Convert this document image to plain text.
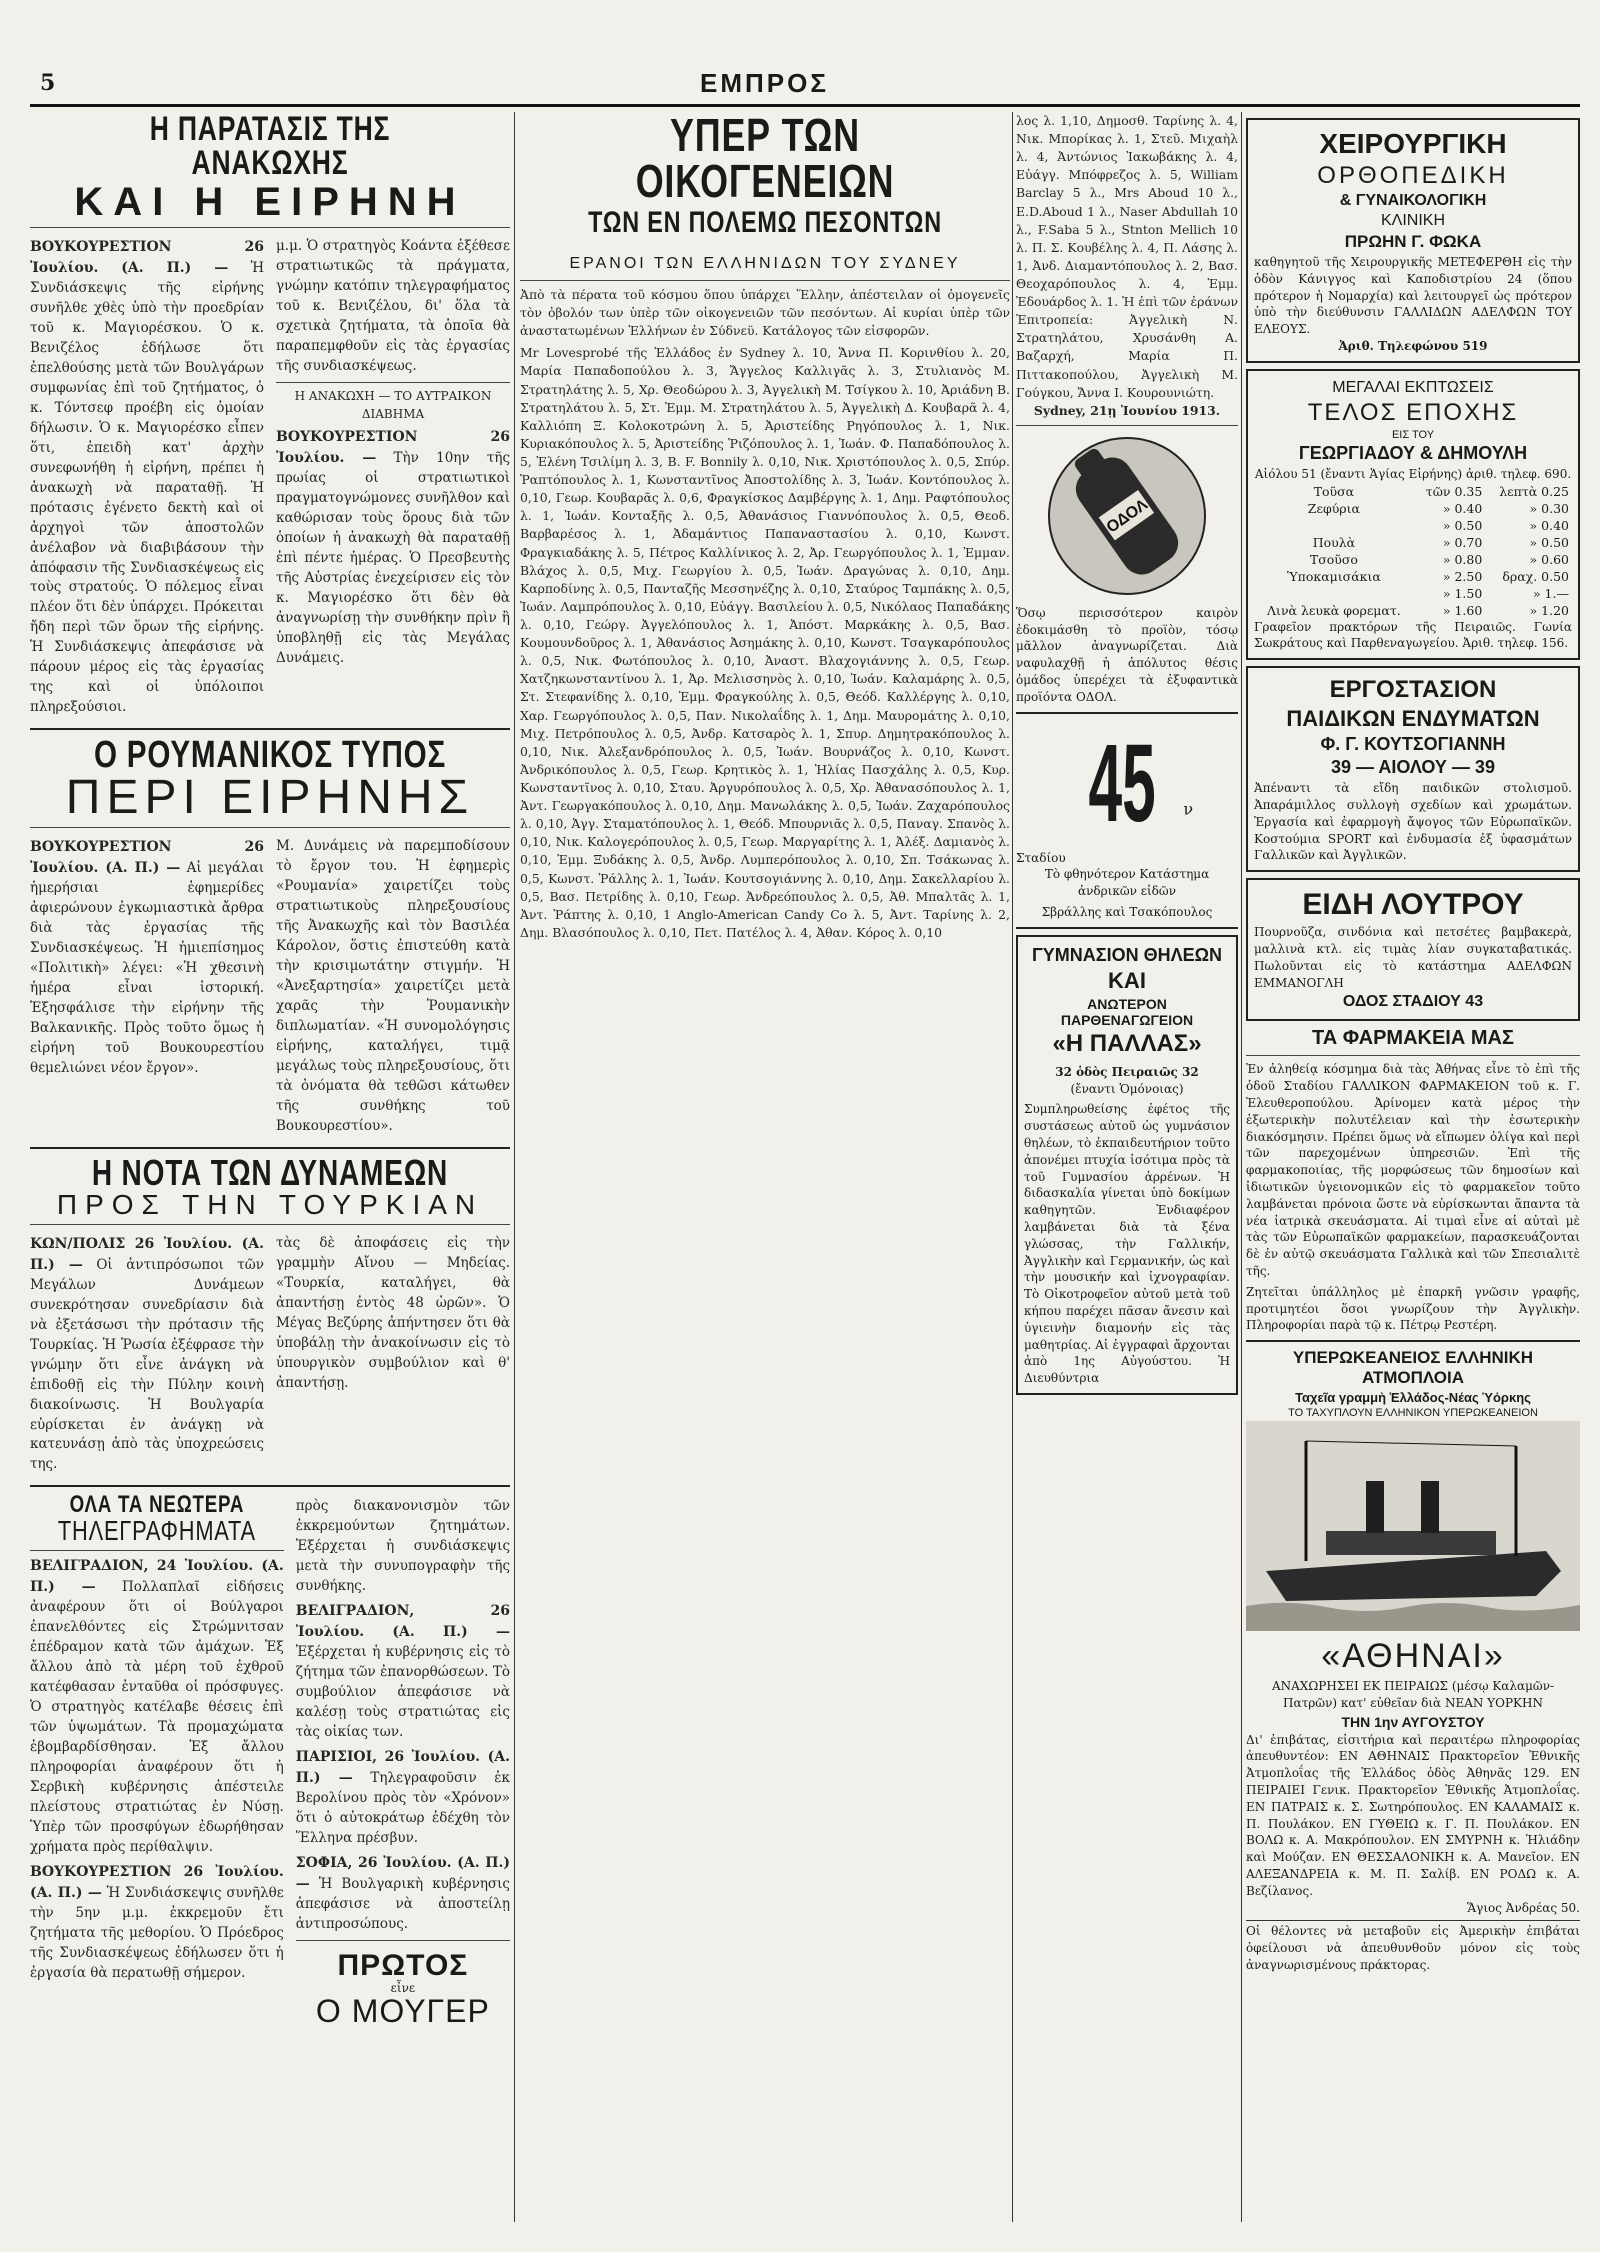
5	ΕΜΠΡΟΣ
Η ΠΑΡΑΤΑΣΙΣ ΤΗΣ ΑΝΑΚΩΧΗΣ
ΚΑΙ Η ΕΙΡΗΝΗ
ΒΟΥΚΟΥΡΕΣΤΙΟΝ 26 Ἰουλίου. (Α. Π.) — Ἡ Συνδιάσκεψις τῆς εἰρήνης συνῆλθε χθὲς ὑπὸ τὴν προεδρίαν τοῦ κ. Μαγιορέσκου. Ὁ κ. Βενιζέλος ἐδήλωσε ὅτι ἐπελθούσης μετὰ τῶν Βουλγάρων συμφωνίας ἐπὶ τοῦ ζητήματος, ὁ κ. Τόντσεφ προέβη εἰς ὁμοίαν δήλωσιν. Ὁ κ. Μαγιορέσκο εἶπεν ὅτι, ἐπειδὴ κατ' ἀρχὴν συνεφωνήθη ἡ εἰρήνη, πρέπει ἡ ἀνακωχὴ νὰ παραταθῇ. Ἡ πρότασις ἐγένετο δεκτὴ καὶ οἱ ἀρχηγοὶ τῶν ἀποστολῶν ἀνέλαβον νὰ διαβιβάσουν τὴν ἀπόφασιν τῆς Συνδιασκέψεως εἰς τοὺς στρατούς. Ὁ πόλεμος εἶναι πλέον ὅτι δὲν ὑπάρχει. Πρόκειται ἤδη περὶ τῶν ὅρων τῆς εἰρήνης. Ἡ Συνδιάσκεψις ἀπεφάσισε νὰ πάρουν μέρος εἰς τὰς ἐργασίας της καὶ οἱ ὑπόλοιποι πληρεξούσιοι.
μ.μ. Ὁ στρατηγὸς Κοάντα ἐξέθεσε στρατιωτικῶς τὰ πράγματα, γνώμην κατόπιν τηλεγραφήματος τοῦ κ. Βενιζέλου, δι' ὅλα τὰ σχετικὰ ζητήματα, τὰ ὁποῖα θὰ παραπεμφθοῦν εἰς τὰς ἐργασίας τῆς συνδιασκέψεως.
Η ΑΝΑΚΩΧΗ — ΤΟ ΑΥΤΡΑΙΚΟΝ ΔΙΑΒΗΜΑ
ΒΟΥΚΟΥΡΕΣΤΙΟΝ 26 Ἰουλίου. — Τὴν 10ην τῆς πρωίας οἱ στρατιωτικοὶ πραγματογνώμονες συνῆλθον καὶ καθώρισαν τοὺς ὅρους διὰ τῶν ὁποίων ἡ ἀνακωχὴ θὰ παραταθῇ ἐπὶ πέντε ἡμέρας. Ὁ Πρεσβευτὴς τῆς Αὐστρίας ἐνεχείρισεν εἰς τὸν κ. Μαγιορέσκο ὅτι δὲν θὰ ἀναγνωρίσῃ τὴν συνθήκην πρὶν ἢ ὑποβληθῇ εἰς τὰς Μεγάλας Δυνάμεις.
Ο ΡΟΥΜΑΝΙΚΟΣ ΤΥΠΟΣ
ΠΕΡΙ ΕΙΡΗΝΗΣ
ΒΟΥΚΟΥΡΕΣΤΙΟΝ 26 Ἰουλίου. (Α. Π.) — Αἱ μεγάλαι ἡμερήσιαι ἐφημερίδες ἀφιερώνουν ἐγκωμιαστικὰ ἄρθρα διὰ τὰς ἐργασίας τῆς Συνδιασκέψεως. Ἡ ἡμιεπίσημος «Πολιτικὴ» λέγει: «Ἡ χθεσινὴ ἡμέρα εἶναι ἱστορική. Ἐξησφάλισε τὴν εἰρήνην τῆς Βαλκανικῆς. Πρὸς τοῦτο ὅμως ἡ εἰρήνη τοῦ Βουκουρεστίου θεμελιώνει νέον ἔργον».
Μ. Δυνάμεις νὰ παρεμποδίσουν τὸ ἔργον του. Ἡ ἐφημερὶς «Ρουμανία» χαιρετίζει τοὺς στρατιωτικοὺς πληρεξουσίους τῆς Ἀνακωχῆς καὶ τὸν Βασιλέα Κάρολον, ὅστις ἐπιστεύθη κατὰ τὴν κρισιμωτάτην στιγμήν. Ἡ «Ἀνεξαρτησία» χαιρετίζει μετὰ χαρᾶς τὴν Ῥουμανικὴν διπλωματίαν. «Ἡ συνομολόγησις εἰρήνης, καταλήγει, τιμᾷ μεγάλως τοὺς πληρεξουσίους, ὅτι τὰ ὀνόματα θὰ τεθῶσι κάτωθεν τῆς συνθήκης τοῦ Βουκουρεστίου».
Η ΝΟΤΑ ΤΩΝ ΔΥΝΑΜΕΩΝ
ΠΡΟΣ ΤΗΝ ΤΟΥΡΚΙΑΝ
ΚΩΝ/ΠΟΛΙΣ 26 Ἰουλίου. (Α. Π.) — Οἱ ἀντιπρόσωποι τῶν Μεγάλων Δυνάμεων συνεκρότησαν συνεδρίασιν διὰ νὰ ἐξετάσωσι τὴν πρότασιν τῆς Τουρκίας. Ἡ Ῥωσία ἐξέφρασε τὴν γνώμην ὅτι εἶνε ἀνάγκη νὰ ἐπιδοθῇ εἰς τὴν Πύλην κοινὴ διακοίνωσις. Ἡ Βουλγαρία εὑρίσκεται ἐν ἀνάγκῃ νὰ κατευνάσῃ ἀπὸ τὰς ὑποχρεώσεις της.
τὰς δὲ ἀποφάσεις εἰς τὴν γραμμὴν Αἴνου — Μηδείας. «Τουρκία, καταλήγει, θὰ ἀπαντήσῃ ἐντὸς 48 ὡρῶν». Ὁ Μέγας Βεζύρης ἀπήντησεν ὅτι θὰ ὑποβάλῃ τὴν ἀνακοίνωσιν εἰς τὸ ὑπουργικὸν συμβούλιον καὶ θ' ἀπαντήσῃ.
ΟΛΑ ΤΑ ΝΕΩΤΕΡΑ
ΤΗΛΕΓΡΑΦΗΜΑΤΑ
ΒΕΛΙΓΡΑΔΙΟΝ, 24 Ἰουλίου. (Α. Π.) — Πολλαπλαῖ εἰδήσεις ἀναφέρουν ὅτι οἱ Βούλγαροι ἐπανελθόντες εἰς Στρώμνιτσαν ἐπέδραμον κατὰ τῶν ἀμάχων. Ἐξ ἄλλου ἀπὸ τὰ μέρη τοῦ ἐχθροῦ κατέφθασαν ἐνταῦθα οἱ πρόσφυγες. Ὁ στρατηγὸς κατέλαβε θέσεις ἐπὶ τῶν ὑψωμάτων. Τὰ προμαχώματα ἐβομβαρδίσθησαν. Ἐξ ἄλλου πληροφορίαι ἀναφέρουν ὅτι ἡ Σερβικὴ κυβέρνησις ἀπέστειλε πλείστους στρατιώτας ἐν Νύσῃ. Ὑπὲρ τῶν προσφύγων ἐδωρήθησαν χρήματα πρὸς περίθαλψιν.
ΒΟΥΚΟΥΡΕΣΤΙΟΝ 26 Ἰουλίου. (Α. Π.) — Ἡ Συνδιάσκεψις συνῆλθε τὴν 5ην μ.μ. ἐκκρεμοῦν ἔτι ζητήματα τῆς μεθορίου. Ὁ Πρόεδρος τῆς Συνδιασκέψεως ἐδήλωσεν ὅτι ἡ ἐργασία θὰ περατωθῇ σήμερον.
πρὸς διακανονισμὸν τῶν ἐκκρεμούντων ζητημάτων. Ἐξέρχεται ἡ συνδιάσκεψις μετὰ τὴν συνυπογραφὴν τῆς συνθήκης.
ΒΕΛΙΓΡΑΔΙΟΝ, 26 Ἰουλίου. (Α. Π.) — Ἐξέρχεται ἡ κυβέρνησις εἰς τὸ ζήτημα τῶν ἐπανορθώσεων. Τὸ συμβούλιον ἀπεφάσισε νὰ καλέσῃ τοὺς στρατιώτας εἰς τὰς οἰκίας των.
ΠΑΡΙΣΙΟΙ, 26 Ἰουλίου. (Α. Π.) — Τηλεγραφοῦσιν ἐκ Βερολίνου πρὸς τὸν «Χρόνον» ὅτι ὁ αὐτοκράτωρ ἐδέχθη τὸν Ἕλληνα πρέσβυν.
ΣΟΦΙΑ, 26 Ἰουλίου. (Α. Π.) — Ἡ Βουλγαρικὴ κυβέρνησις ἀπεφάσισε νὰ ἀποστείλῃ ἀντιπροσώπους.
ΠΡΩΤΟΣ
εἶνε
Ο ΜΟΥΓΕΡ
ΥΠΕΡ ΤΩΝ ΟΙΚΟΓΕΝΕΙΩΝ
ΤΩΝ ΕΝ ΠΟΛΕΜΩ ΠΕΣΟΝΤΩΝ
ΕΡΑΝΟΙ ΤΩΝ ΕΛΛΗΝΙΔΩΝ ΤΟΥ ΣΥΔΝΕΥ
Ἀπὸ τὰ πέρατα τοῦ κόσμου ὅπου ὑπάρχει Ἕλλην, ἀπέστειλαν οἱ ὁμογενεῖς τὸν ὀβολόν των ὑπὲρ τῶν οἰκογενειῶν τῶν πεσόντων. Αἱ κυρίαι ὑπὲρ τῶν ἀναστατωμένων Ἑλλήνων ἐν Σύδνεϋ. Κατάλογος τῶν εἰσφορῶν.
Mr Lovesprobé τῆς Ἑλλάδος ἐν Sydney λ. 10, Ἄννα Π. Κορινθίου λ. 20, Μαρία Παπαδοπούλου λ. 3, Ἄγγελος Καλλιγᾶς λ. 3, Στυλιανὸς Μ. Στρατηλάτης λ. 5, Χρ. Θεοδώρου λ. 3, Ἀγγελικὴ Μ. Τσίγκου λ. 10, Ἀριάδνη Β. Στρατηλάτου λ. 5, Στ. Ἐμμ. Μ. Στρατηλάτου λ. 5, Ἀγγελικὴ Δ. Κουβαρᾶ λ. 4, Καλλιόπη Ξ. Κολοκοτρώνη λ. 5, Ἀριστείδης Ρηγόπουλος λ. 1, Νικ. Κυριακόπουλος λ. 5, Ἀριστείδης Ῥιζόπουλος λ. 1, Ἰωάν. Φ. Παπαδόπουλος λ. 5, Ἐλένη Τσιλίμη λ. 3, Β. F. Bonnily λ. 0,10, Νικ. Χριστόπουλος λ. 0,5, Σπύρ. Ῥαπτόπουλος λ. 1, Κωνσταντῖνος Ἀποστολίδης λ. 3, Ἰωάν. Κοντόπουλος λ. 0,10, Γεωρ. Κουβαρᾶς λ. 0,6, Φραγκίσκος Δαμβέργης λ. 1, Δημ. Ραφτόπουλος λ. 1, Ἰωάν. Κονταξῆς λ. 0,5, Ἀθανάσιος Γιαννόπουλος λ. 0,5, Θεοδ. Βαρβαρέσος λ. 1, Ἀδαμάντιος Παπαναστασίου λ. 0,10, Κωνστ. Φραγκιαδάκης λ. 5, Πέτρος Καλλίνικος λ. 2, Ἀρ. Γεωργόπουλος λ. 1, Ἐμμαν. Βλάχος λ. 0,5, Μιχ. Γεωργίου λ. 0,5, Ἰωάν. Δραγώνας λ. 0,10, Δημ. Καρποδίνης λ. 0,5, Πανταζῆς Μεσσηνέζης λ. 0,10, Σταύρος Ταμπάκης λ. 0,5, Ἰωάν. Λαμπρόπουλος λ. 0,10, Εὐάγγ. Βασιλείου λ. 0,5, Νικόλαος Παπαδάκης λ. 0,10, Γεώργ. Ἀγγελόπουλος λ. 1, Ἀπόστ. Μαρκάκης λ. 0,5, Βασ. Κουμουνδοῦρος λ. 1, Ἀθανάσιος Ἀσημάκης λ. 0,10, Κωνστ. Τσαγκαρόπουλος λ. 0,5, Νικ. Φωτόπουλος λ. 0,10, Ἀναστ. Βλαχογιάννης λ. 0,5, Γεωρ. Χατζηκωνσταντίνου λ. 1, Ἀρ. Μελισσηνὸς λ. 0,10, Ἰωάν. Καλαμάρης λ. 0,5, Στ. Στεφανίδης λ. 0,10, Ἐμμ. Φραγκούλης λ. 0,5, Θεόδ. Καλλέργης λ. 0,10, Χαρ. Γεωργόπουλος λ. 0,5, Παν. Νικολαΐδης λ. 1, Δημ. Μαυρομάτης λ. 0,10, Μιχ. Πετρόπουλος λ. 0,5, Ἀνδρ. Κατσαρὸς λ. 1, Σπυρ. Δημητρακόπουλος λ. 0,10, Νικ. Ἀλεξανδρόπουλος λ. 0,5, Ἰωάν. Βουρνάζος λ. 0,10, Κωνστ. Ἀνδρικόπουλος λ. 0,5, Γεωρ. Κρητικὸς λ. 1, Ἠλίας Πασχάλης λ. 0,5, Κυρ. Κωνσταντῖνος λ. 0,10, Σταυ. Ἀργυρόπουλος λ. 0,5, Χρ. Ἀθανασόπουλος λ. 1, Ἀντ. Γεωργακόπουλος λ. 0,10, Δημ. Μανωλάκης λ. 0,5, Ἰωάν. Ζαχαρόπουλος λ. 0,10, Ἀγγ. Σταματόπουλος λ. 1, Θεόδ. Μπουρνιᾶς λ. 0,5, Παναγ. Σπανὸς λ. 0,10, Νικ. Καλογερόπουλος λ. 0,5, Γεωρ. Μαργαρίτης λ. 1, Ἀλέξ. Δαμιανὸς λ. 0,10, Ἐμμ. Ξυδάκης λ. 0,5, Ἀνδρ. Λυμπερόπουλος λ. 0,10, Σπ. Τσάκωνας λ. 0,5, Κωνστ. Ῥάλλης λ. 1, Ἰωάν. Κουτσογιάννης λ. 0,10, Δημ. Σακελλαρίου λ. 0,5, Βασ. Πετρίδης λ. 0,10, Γεωρ. Ἀνδρεόπουλος λ. 0,5, Ἀθ. Μπαλτᾶς λ. 1, Ἀντ. Ῥάπτης λ. 0,10, 1 Anglo-American Candy Co λ. 5, Ἀντ. Ταρίνης λ. 2, Δημ. Βλασόπουλος λ. 0,10, Πετ. Πατέλος λ. 4, Ἀθαν. Κόρος λ. 0,10
λος λ. 1,10, Δημοσθ. Ταρίνης λ. 4, Νικ. Μπορίκας λ. 1, Στεῦ. Μιχαὴλ λ. 4, Ἀντώνιος Ἰακωβάκης λ. 4, Εὐάγγ. Μπόφρεζος λ. 5, William Barclay 5 λ., Mrs Aboud 10 λ., E.D.Aboud 1 λ., Naser Abdullah 10 λ., F.Saba 5 λ., Stnton Mellich 10 λ. Π. Σ. Κουβέλης λ. 4, Π. Λάσης λ. 1, Ἀνδ. Διαμαντόπουλος λ. 2, Βασ. Θεοχαρόπουλος λ. 4, Ἐμμ. Ἐδουάρδος λ. 1. Ἡ ἐπὶ τῶν ἐράνων Ἐπιτροπεία: Ἀγγελικὴ Ν. Στρατηλάτου, Χρυσάνθη Α. Βαζαρχή, Μαρία Π. Πιττακοπούλου, Ἀγγελικὴ Μ. Γούγκου, Ἄννα Ι. Κουρουνιώτη.
Sydney, 21ῃ Ἰουνίου 1913.
ΟΔΟΛ
Ὅσῳ περισσότερον καιρὸν ἐδοκιμάσθη τὸ προϊὸν, τόσῳ μᾶλλον ἀναγνωρίζεται. Διὰ ναφυλαχθῇ ἡ ἀπόλυτος θέσις ὁμάδος ὑπερέχει τὰ ἐξυφαντικὰ προϊόντα ΟΔΟΛ.
45 $^\nu$
Σταδίου
Τὸ φθηνότερον Κατάστημα ἀνδρικῶν εἰδῶν
Σβράλλης καὶ Τσακόπουλος
ΓΥΜΝΑΣΙΟΝ ΘΗΛΕΩΝ
ΚΑΙ
ΑΝΩΤΕΡΟΝ ΠΑΡΘΕΝΑΓΩΓΕΙΟΝ
«Η ΠΑΛΛΑΣ»
32 ὁδὸς Πειραιῶς 32
(ἔναντι Ὁμόνοιας)
Συμπληρωθείσης ἐφέτος τῆς συστάσεως αὐτοῦ ὡς γυμνάσιον θηλέων, τὸ ἐκπαιδευτήριον τοῦτο ἀπονέμει πτυχία ἰσότιμα πρὸς τὰ τοῦ Γυμνασίου ἀρρένων. Ἡ διδασκαλία γίνεται ὑπὸ δοκίμων καθηγητῶν. Ἐνδιαφέρον λαμβάνεται διὰ τὰ ξένα γλώσσας, τὴν Γαλλικήν, Ἀγγλικὴν καὶ Γερμανικήν, ὡς καὶ τὴν μουσικήν καὶ ἰχνογραφίαν. Τὸ Οἰκοτροφεῖον αὐτοῦ μετὰ τοῦ κήπου παρέχει πᾶσαν ἄνεσιν καὶ ὑγιεινὴν διαμονήν εἰς τὰς μαθητρίας. Αἱ ἐγγραφαὶ ἄρχονται ἀπὸ 1ης Αὐγούστου. Ἡ Διευθύντρια
ΧΕΙΡΟΥΡΓΙΚΗ
ΟΡΘΟΠΕΔΙΚΗ
& ΓΥΝΑΙΚΟΛΟΓΙΚΗ
ΚΛΙΝΙΚΗ
ΠΡΩΗΝ Γ. ΦΩΚΑ
καθηγητοῦ τῆς Χειρουργικῆς ΜΕΤΕΦΕΡΘΗ εἰς τὴν ὁδὸν Κάνιγγος καὶ Καποδιστρίου 24 (ὅπου πρότερον ἡ Νομαρχία) καὶ λειτουργεῖ ὡς πρότερον ὑπὸ τὴν διεύθυνσιν ΓΑΛΛΙΔΩΝ ΑΔΕΛΦΩΝ ΤΟΥ ΕΛΕΟΥΣ.
Ἀριθ. Τηλεφώνου 519
ΜΕΓΑΛΑΙ ΕΚΠΤΩΣΕΙΣ
ΤΕΛΟΣ ΕΠΟΧΗΣ
ΕΙΣ ΤΟΥ
ΓΕΩΡΓΙΑΔΟΥ & ΔΗΜΟΥΛΗ
Αἰόλου 51 (ἔναντι Ἁγίας Εἰρήνης) ἀριθ. τηλεφ. 690.
Τοῦσα	τῶν 0.35	λεπτὰ 0.25
Ζεφύρια	» 0.40	» 0.30
	» 0.50	» 0.40
Πουλὰ	» 0.70	» 0.50
Τσοῦσο	» 0.80	» 0.60
Ὑποκαμισάκια	» 2.50	δραχ. 0.50
	» 1.50	» 1.—
Λινὰ λευκὰ φορεματ.	» 1.60	» 1.20
Γραφεῖον πρακτόρων τῆς Πειραιῶς. Γωνία Σωκράτους καὶ Παρθεναγωγείου. Ἀριθ. τηλεφ. 156.
ΕΡΓΟΣΤΑΣΙΟΝ
ΠΑΙΔΙΚΩΝ ΕΝΔΥΜΑΤΩΝ
Φ. Γ. ΚΟΥΤΣΟΓΙΑΝΝΗ
39 — ΑΙΟΛΟΥ — 39
Ἀπέναντι τὰ εἴδη παιδικῶν στολισμοῦ. Ἀπαράμιλλος συλλογὴ σχεδίων καὶ χρωμάτων. Ἐργασία καὶ ἐφαρμογὴ ἄψογος τῶν Εὐρωπαϊκῶν. Κοστούμια SPORT καὶ ἐνδυμασία ἐξ ὑφασμάτων Γαλλικῶν καὶ Ἀγγλικῶν.
ΕΙΔΗ ΛΟΥΤΡΟΥ
Πουρνοῦζα, σινδόνια καὶ πετσέτες βαμβακερὰ, μαλλινὰ κτλ. εἰς τιμὰς λίαν συγκαταβατικάς. Πωλοῦνται εἰς τὸ κατάστημα ΑΔΕΛΦΩΝ ΕΜΜΑΝΟΓΛΗ
ΟΔΟΣ ΣΤΑΔΙΟΥ 43
ΤΑ ΦΑΡΜΑΚΕΙΑ ΜΑΣ
Ἐν ἀληθείᾳ κόσμημα διὰ τὰς Ἀθήνας εἶνε τὸ ἐπὶ τῆς ὁδοῦ Σταδίου ΓΑΛΛΙΚΟΝ ΦΑΡΜΑΚΕΙΟΝ τοῦ κ. Γ. Ἐλευθεροπούλου. Ἀρίνομεν κατὰ μέρος τὴν ἐξωτερικὴν πολυτέλειαν καὶ τὴν ἐσωτερικὴν διακόσμησιν. Πρέπει ὅμως νὰ εἴπωμεν ὀλίγα καὶ περὶ τῶν παρεχομένων ὑπηρεσιῶν. Ἐπὶ τῆς φαρμακοποιίας, τῆς μορφώσεως τῶν δημοσίων καὶ ἰδιωτικῶν ὑγειονομικῶν εἰς τὸ φαρμακεῖον τοῦτο λαμβάνεται πρόνοια ὥστε νὰ εὑρίσκωνται ἅπαντα τὰ νέα ἰατρικὰ σκευάσματα. Αἱ τιμαὶ εἶνε αἱ αὐταὶ μὲ τὰς τῶν Εὐρωπαϊκῶν φαρμακείων, παρασκευάζονται δὲ ἐν αὐτῷ σκευάσματα Γαλλικὰ καὶ τῶν Σπεσιαλιτὲ τῆς.
Ζητεῖται ὑπάλληλος μὲ ἐπαρκῆ γνῶσιν γραφῆς, προτιμητέοι ὅσοι γνωρίζουν τὴν Ἀγγλικὴν. Πληροφορίαι παρὰ τῷ κ. Πέτρῳ Ρεστέρη.
ΥΠΕΡΩΚΕΑΝΕΙΟΣ ΕΛΛΗΝΙΚΗ ΑΤΜΟΠΛΟΙΑ
Ταχεῖα γραμμὴ Ἑλλάδος-Νέας Ὑόρκης
ΤΟ ΤΑΧΥΠΛΟΥΝ ΕΛΛΗΝΙΚΟΝ ΥΠΕΡΩΚΕΑΝΕΙΟΝ
«ΑΘΗΝΑΙ»
ΑΝΑΧΩΡΗΣΕΙ ΕΚ ΠΕΙΡΑΙΩΣ (μέσῳ Καλαμῶν-Πατρῶν) κατ' εὐθεῖαν διὰ ΝΕΑΝ ΥΟΡΚΗΝ
ΤΗΝ 1ην ΑΥΓΟΥΣΤΟΥ
Δι' ἐπιβάτας, εἰσιτήρια καὶ περαιτέρω πληροφορίας ἀπευθυντέον: ΕΝ ΑΘΗΝΑΙΣ Πρακτορεῖον Ἐθνικῆς Ἀτμοπλοΐας τῆς Ἑλλάδος ὁδὸς Ἀθηνᾶς 129. ΕΝ ΠΕΙΡΑΙΕΙ Γενικ. Πρακτορεῖον Ἐθνικῆς Ἀτμοπλοΐας. ΕΝ ΠΑΤΡΑΙΣ κ. Σ. Σωτηρόπουλος. ΕΝ ΚΑΛΑΜΑΙΣ κ. Π. Πουλάκον. ΕΝ ΓΥΘΕΙΩ κ. Γ. Π. Πουλάκον. ΕΝ ΒΟΛΩ κ. Α. Μακρόπουλον. ΕΝ ΣΜΥΡΝΗ κ. Ἠλιάδην καὶ Μούζαν. ΕΝ ΘΕΣΣΑΛΟΝΙΚΗ κ. Α. Μανεῖον. ΕΝ ΑΛΕΞΑΝΔΡΕΙΑ κ. Μ. Π. Σαλίβ. ΕΝ ΡΟΔΩ κ. Α. Βεζίλανος.
Ἅγιος Ἀνδρέας 50.
Οἱ θέλοντες νὰ μεταβοῦν εἰς Ἀμερικὴν ἐπιβάται ὀφείλουσι νὰ ἀπευθυνθοῦν μόνον εἰς τοὺς ἀναγνωρισμένους πράκτορας.
